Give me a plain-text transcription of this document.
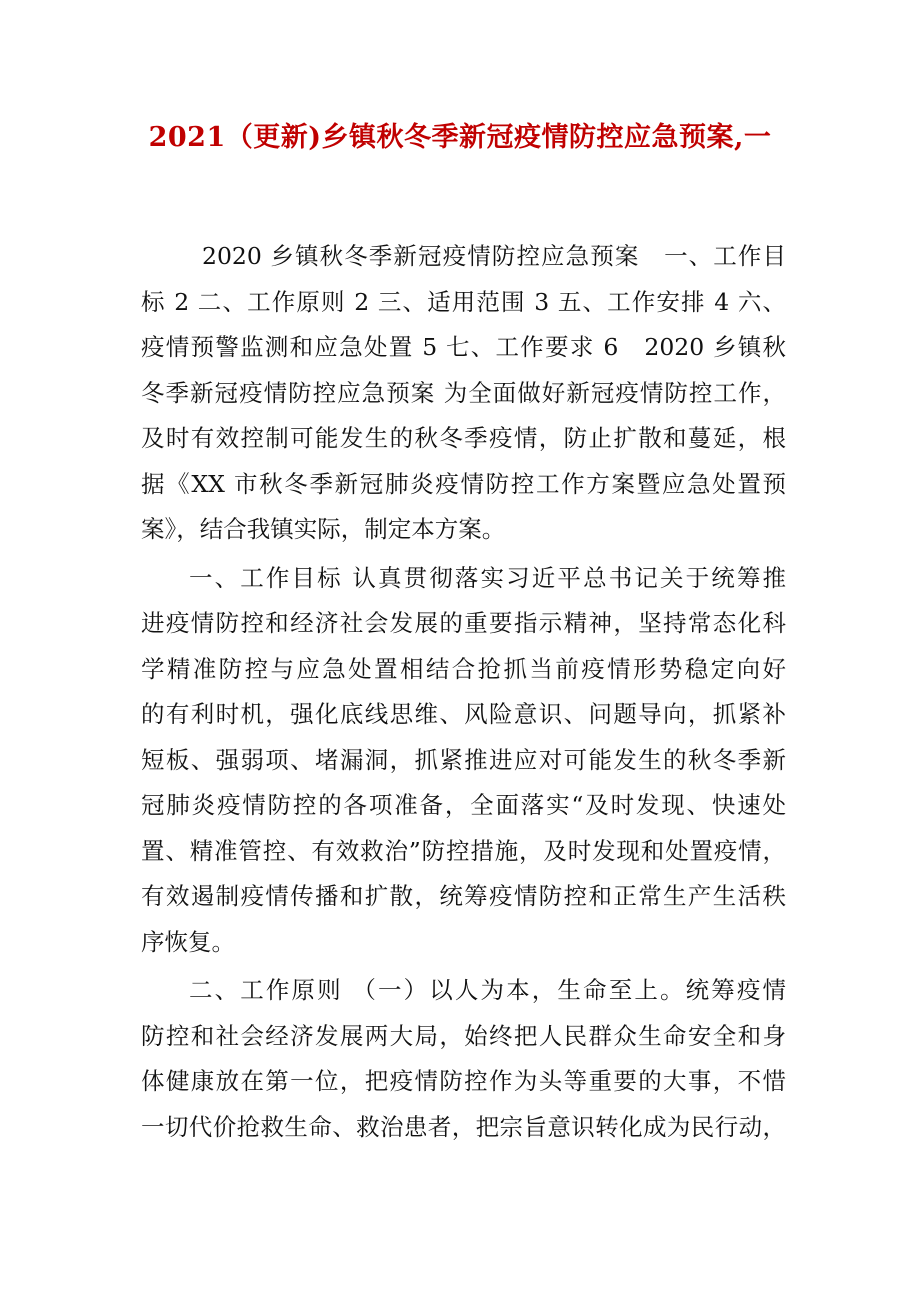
2021（更新)乡镇秋冬季新冠疫情防控应急预案,一
2020 乡镇秋冬季新冠疫情防控应急预案　一、工作目
标 2 二、工作原则 2 三、适用范围 3 五、工作安排 4 六、
疫情预警监测和应急处置 5 七、工作要求 6　2020 乡镇秋
冬季新冠疫情防控应急预案 为全面做好新冠疫情防控工作，
及时有效控制可能发生的秋冬季疫情，防止扩散和蔓延，根
据《XX 市秋冬季新冠肺炎疫情防控工作方案暨应急处置预
案》，结合我镇实际，制定本方案。
一、工作目标 认真贯彻落实习近平总书记关于统筹推
进疫情防控和经济社会发展的重要指示精神，坚持常态化科
学精准防控与应急处置相结合抢抓当前疫情形势稳定向好
的有利时机，强化底线思维、风险意识、问题导向，抓紧补
短板、强弱项、堵漏洞，抓紧推进应对可能发生的秋冬季新
冠肺炎疫情防控的各项准备，全面落实“及时发现、快速处
置、精准管控、有效救治”防控措施，及时发现和处置疫情，
有效遏制疫情传播和扩散，统筹疫情防控和正常生产生活秩
序恢复。
二、工作原则 （一）以人为本，生命至上。统筹疫情
防控和社会经济发展两大局，始终把人民群众生命安全和身
体健康放在第一位，把疫情防控作为头等重要的大事，不惜
一切代价抢救生命、救治患者，把宗旨意识转化成为民行动，
